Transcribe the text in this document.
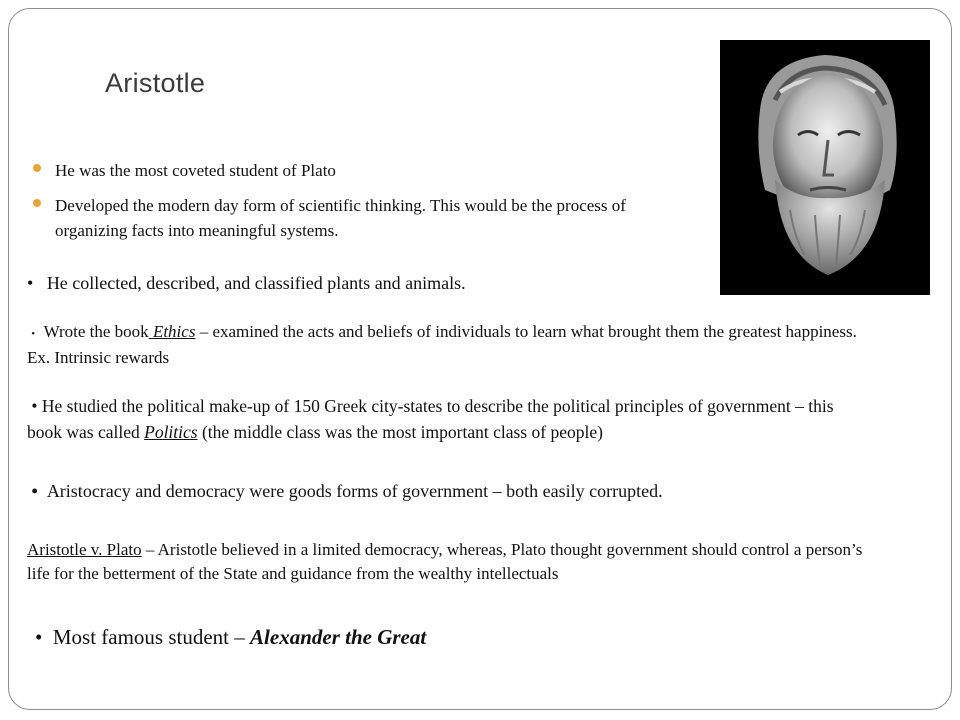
Aristotle
He was the most coveted student of Plato
Developed the modern day form of scientific thinking. This would be the process of organizing facts into meaningful systems.
• He collected, described, and classified plants and animals.
• Wrote the book Ethics – examined the acts and beliefs of individuals to learn what brought them the greatest happiness. Ex. Intrinsic rewards
• He studied the political make-up of 150 Greek city-states to describe the political principles of government – this book was called Politics (the middle class was the most important class of people)
• Aristocracy and democracy were goods forms of government – both easily corrupted.
Aristotle v. Plato – Aristotle believed in a limited democracy, whereas, Plato thought government should control a person’s life for the betterment of the State and guidance from the wealthy intellectuals
• Most famous student – Alexander the Great
